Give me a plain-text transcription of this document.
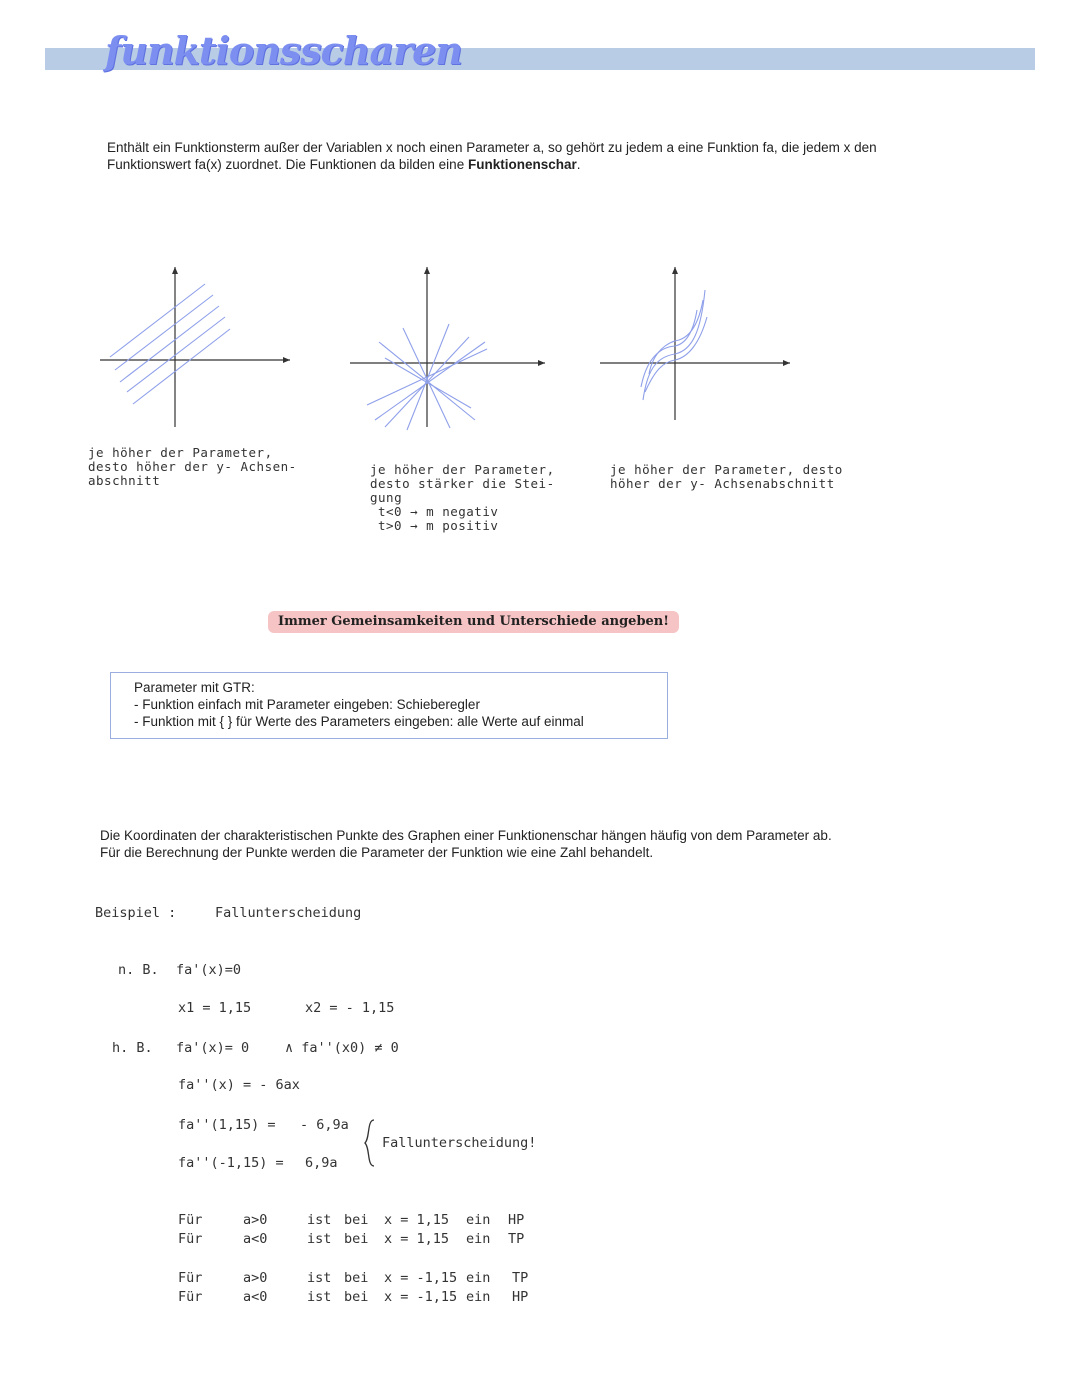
funktionsscharen
Enthält ein Funktionsterm außer der Variablen x noch einen Parameter a, so gehört zu jedem a eine Funktion fa, die jedem x den Funktionswert fa(x) zuordnet. Die Funktionen da bilden eine Funktionenschar.
je höher der Parameter,
desto höher der y- Achsen-
abschnitt
je höher der Parameter,
desto stärker die Stei-
gung
t<0 → m negativ
t>0 → m positiv
je höher der Parameter, desto
höher der y- Achsenabschnitt
Immer Gemeinsamkeiten und Unterschiede angeben!
Parameter mit GTR:
- Funktion einfach mit Parameter eingeben: Schieberegler
- Funktion mit { } für Werte des Parameters eingeben: alle Werte auf einmal
Die Koordinaten der charakteristischen Punkte des Graphen einer Funktionenschar hängen häufig von dem Parameter ab.
Für die Berechnung der Punkte werden die Parameter der Funktion wie eine Zahl behandelt.
Beispiel :	Fallunterscheidung
n. B. fa'(x)=0
x1 = 1,15	x2 = - 1,15
h. B. fa'(x)= 0	∧ fa''(x0) ≠ 0
fa''(x) = - 6ax
fa''(1,15) = - 6,9a
fa''(-1,15) = 6,9a
Fallunterscheidung!
Für	a>0	ist bei x = 1,15 ein HP
Für	a<0	ist bei x = 1,15 ein TP
Für	a>0	ist bei x = -1,15 ein TP
Für	a<0	ist bei x = -1,15 ein HP
